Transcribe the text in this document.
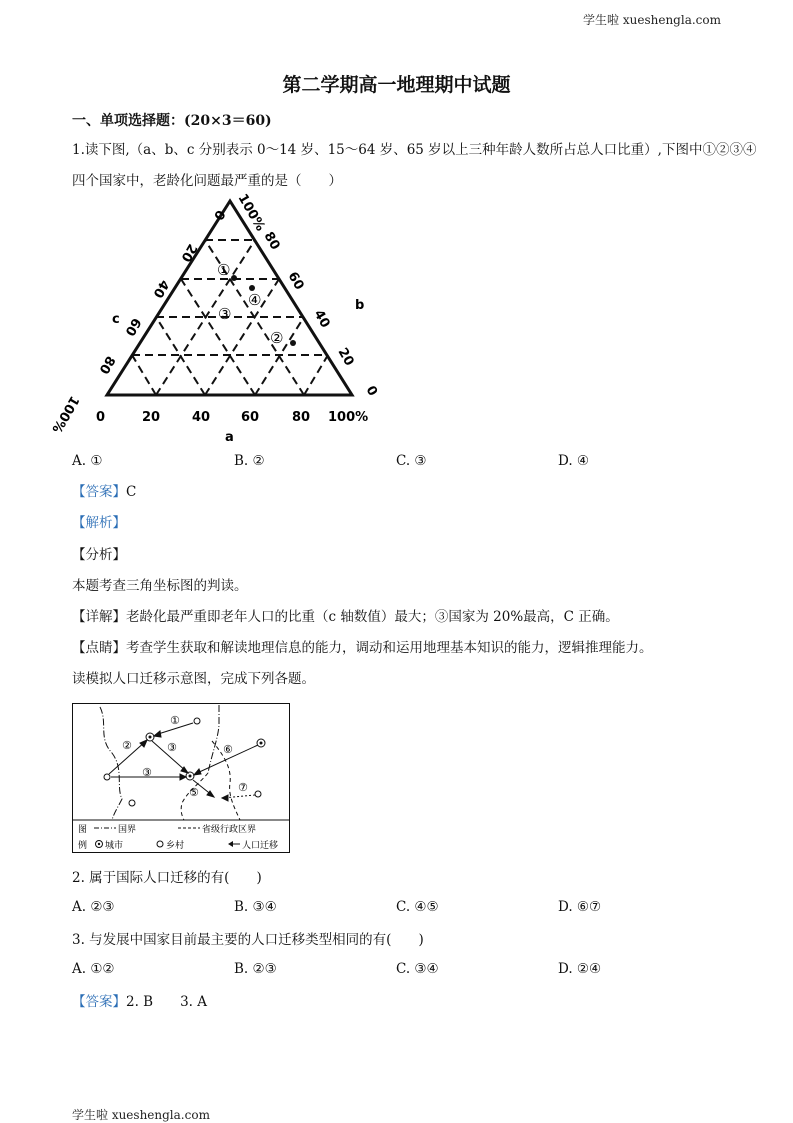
学生啦 xueshengla.com
第二学期高一地理期中试题
一、单项选择题：(20×3＝60)
1.读下图,（a、b、c 分别表示 0～14 岁、15～64 岁、65 岁以上三种年龄人数所占总人口比重）,下图中①②③④
四个国家中，老龄化问题最严重的是（　　）
①
②
③
④
0	20 40 60	80 100%
a
100%
80
60
40
20
0
c
100%
80
60
40
20
0
b
A. ①	B. ②	C. ③	D. ④
【答案】C
【解析】
【分析】
本题考查三角坐标图的判读。
【详解】老龄化最严重即老年人口的比重（c 轴数值）最大；③国家为 20%最高，C 正确。
【点睛】考查学生获取和解读地理信息的能力，调动和运用地理基本知识的能力，逻辑推理能力。
读模拟人口迁移示意图，完成下列各题。
①
②	③
③
⑤
⑥
⑦
图
例
国界	省级行政区界
城市	乡村	人口迁移
2. 属于国际人口迁移的有(　　)
A. ②③	B. ③④	C. ④⑤	D. ⑥⑦
3. 与发展中国家目前最主要的人口迁移类型相同的有(　　)
A. ①②	B. ②③	C. ③④	D. ②④
【答案】2. B　　3. A
学生啦 xueshengla.com
